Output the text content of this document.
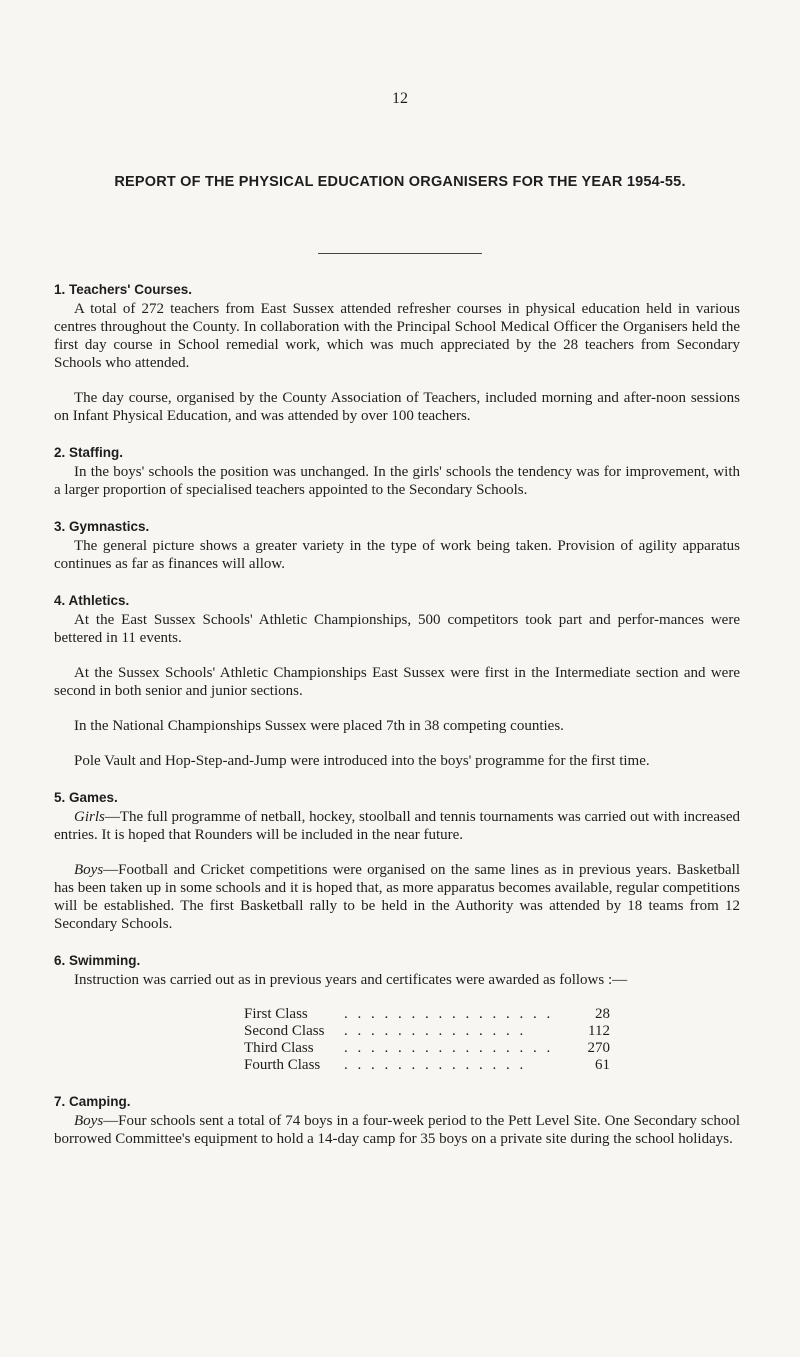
12
REPORT OF THE PHYSICAL EDUCATION ORGANISERS FOR THE YEAR 1954-55.
1. Teachers' Courses.

A total of 272 teachers from East Sussex attended refresher courses in physical education held in various centres throughout the County. In collaboration with the Principal School Medical Officer the Organisers held the first day course in School remedial work, which was much appreciated by the 28 teachers from Secondary Schools who attended.

The day course, organised by the County Association of Teachers, included morning and after-noon sessions on Infant Physical Education, and was attended by over 100 teachers.

2. Staffing.

In the boys' schools the position was unchanged. In the girls' schools the tendency was for improvement, with a larger proportion of specialised teachers appointed to the Secondary Schools.

3. Gymnastics.

The general picture shows a greater variety in the type of work being taken. Provision of agility apparatus continues as far as finances will allow.

4. Athletics.

At the East Sussex Schools' Athletic Championships, 500 competitors took part and perfor-mances were bettered in 11 events.

At the Sussex Schools' Athletic Championships East Sussex were first in the Intermediate section and were second in both senior and junior sections.

In the National Championships Sussex were placed 7th in 38 competing counties.

Pole Vault and Hop-Step-and-Jump were introduced into the boys' programme for the first time.

5. Games.

Girls—The full programme of netball, hockey, stoolball and tennis tournaments was carried out with increased entries. It is hoped that Rounders will be included in the near future.

Boys—Football and Cricket competitions were organised on the same lines as in previous years. Basketball has been taken up in some schools and it is hoped that, as more apparatus becomes available, regular competitions will be established. The first Basketball rally to be held in the Authority was attended by 18 teams from 12 Secondary Schools.

6. Swimming.

Instruction was carried out as in previous years and certificates were awarded as follows :—

First Class	. . . . . . . . . . . . . . . .	28
Second Class	. . . . . . . . . . . . . .	112
Third Class	. . . . . . . . . . . . . . . .	270
Fourth Class	. . . . . . . . . . . . . .	61
7. Camping.

Boys—Four schools sent a total of 74 boys in a four-week period to the Pett Level Site. One Secondary school borrowed Committee's equipment to hold a 14-day camp for 35 boys on a private site during the school holidays.
